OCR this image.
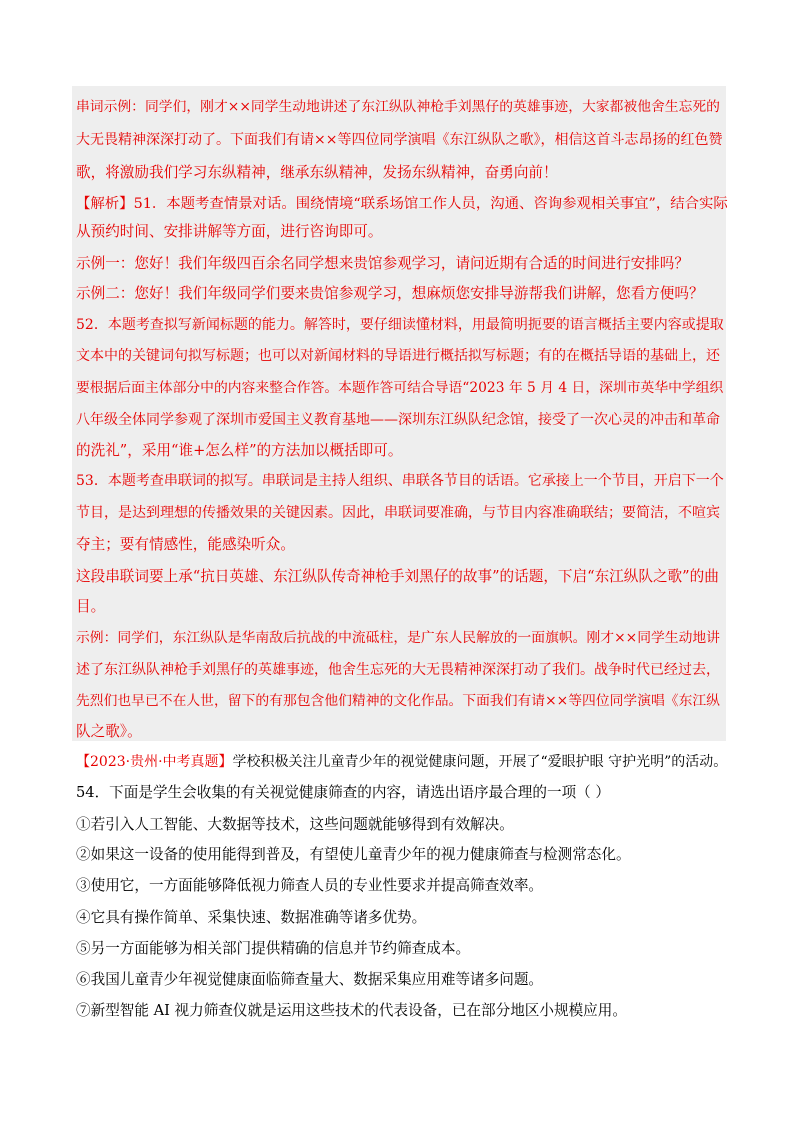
串词示例：同学们，刚才××同学生动地讲述了东江纵队神枪手刘黑仔的英雄事迹，大家都被他舍生忘死的
大无畏精神深深打动了。下面我们有请××等四位同学演唱《东江纵队之歌》，相信这首斗志昂扬的红色赞
歌，将激励我们学习东纵精神，继承东纵精神，发扬东纵精神，奋勇向前！
【解析】51．本题考查情景对话。围绕情境“联系场馆工作人员，沟通、咨询参观相关事宜”，结合实际
从预约时间、安排讲解等方面，进行咨询即可。
示例一：您好！我们年级四百余名同学想来贵馆参观学习，请问近期有合适的时间进行安排吗？
示例二：您好！我们年级同学们要来贵馆参观学习，想麻烦您安排导游帮我们讲解，您看方便吗？
52．本题考查拟写新闻标题的能力。解答时，要仔细读懂材料，用最简明扼要的语言概括主要内容或提取
文本中的关键词句拟写标题；也可以对新闻材料的导语进行概括拟写标题；有的在概括导语的基础上，还
要根据后面主体部分中的内容来整合作答。本题作答可结合导语“2023 年 5 月 4 日，深圳市英华中学组织
八年级全体同学参观了深圳市爱国主义教育基地——深圳东江纵队纪念馆，接受了一次心灵的冲击和革命
的洗礼”，采用“谁+怎么样”的方法加以概括即可。
53．本题考查串联词的拟写。串联词是主持人组织、串联各节目的话语。它承接上一个节目，开启下一个
节目，是达到理想的传播效果的关键因素。因此，串联词要准确，与节目内容准确联结；要简洁，不喧宾
夺主；要有情感性，能感染听众。
这段串联词要上承“抗日英雄、东江纵队传奇神枪手刘黑仔的故事”的话题，下启“东江纵队之歌”的曲
目。
示例：同学们，东江纵队是华南敌后抗战的中流砥柱，是广东人民解放的一面旗帜。刚才××同学生动地讲
述了东江纵队神枪手刘黑仔的英雄事迹，他舍生忘死的大无畏精神深深打动了我们。战争时代已经过去，
先烈们也早已不在人世，留下的有那包含他们精神的文化作品。下面我们有请××等四位同学演唱《东江纵
队之歌》。
【2023·贵州·中考真题】学校积极关注儿童青少年的视觉健康问题，开展了“爱眼护眼 守护光明”的活动。
54．下面是学生会收集的有关视觉健康筛查的内容，请选出语序最合理的一项（ ）
①若引入人工智能、大数据等技术，这些问题就能够得到有效解决。
②如果这一设备的使用能得到普及，有望使儿童青少年的视力健康筛查与检测常态化。
③使用它，一方面能够降低视力筛查人员的专业性要求并提高筛查效率。
④它具有操作简单、采集快速、数据准确等诸多优势。
⑤另一方面能够为相关部门提供精确的信息并节约筛查成本。
⑥我国儿童青少年视觉健康面临筛查量大、数据采集应用难等诸多问题。
⑦新型智能 AI 视力筛查仪就是运用这些技术的代表设备，已在部分地区小规模应用。
